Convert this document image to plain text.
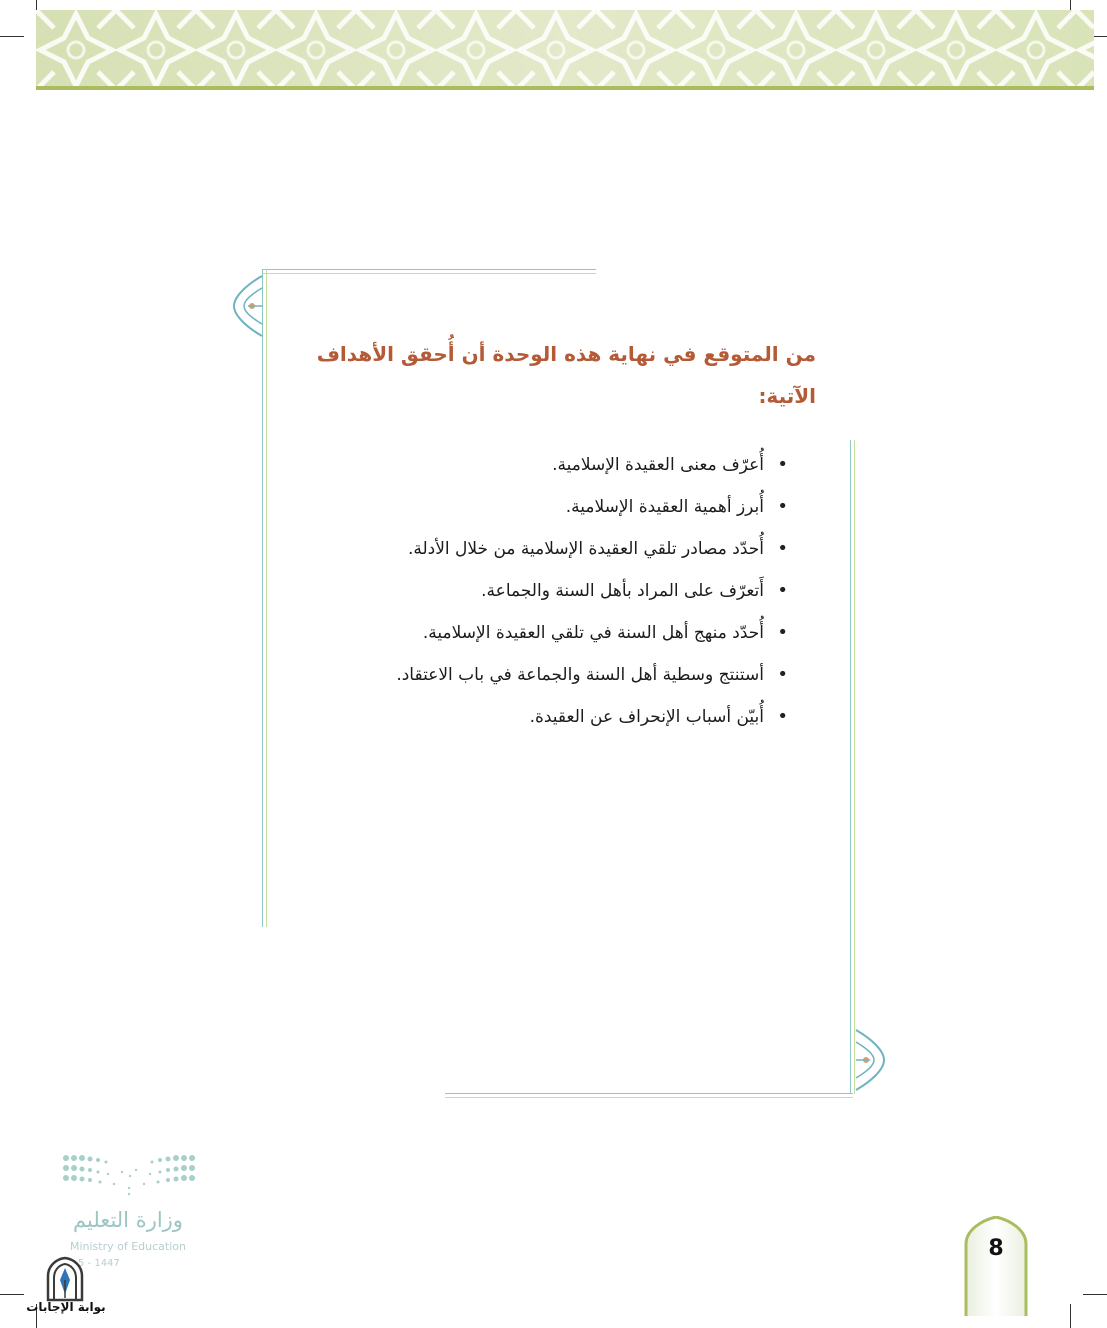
من المتوقع في نهاية هذه الوحدة أن أُحقق الأهداف الآتية:
• أُعرّف معنى العقيدة الإسلامية.
• أُبرز أهمية العقيدة الإسلامية.
• أُحدّد مصادر تلقي العقيدة الإسلامية من خلال الأدلة.
• أَتعرّف على المراد بأهل السنة والجماعة.
• أُحدّد منهج أهل السنة في تلقي العقيدة الإسلامية.
• أستنتج وسطية أهل السنة والجماعة في باب الاعتقاد.
• أُبيّن أسباب الإنحراف عن العقيدة.
وزارة التعليم
Ministry of Education
5 - 1447
بوابة الإجابات
8
